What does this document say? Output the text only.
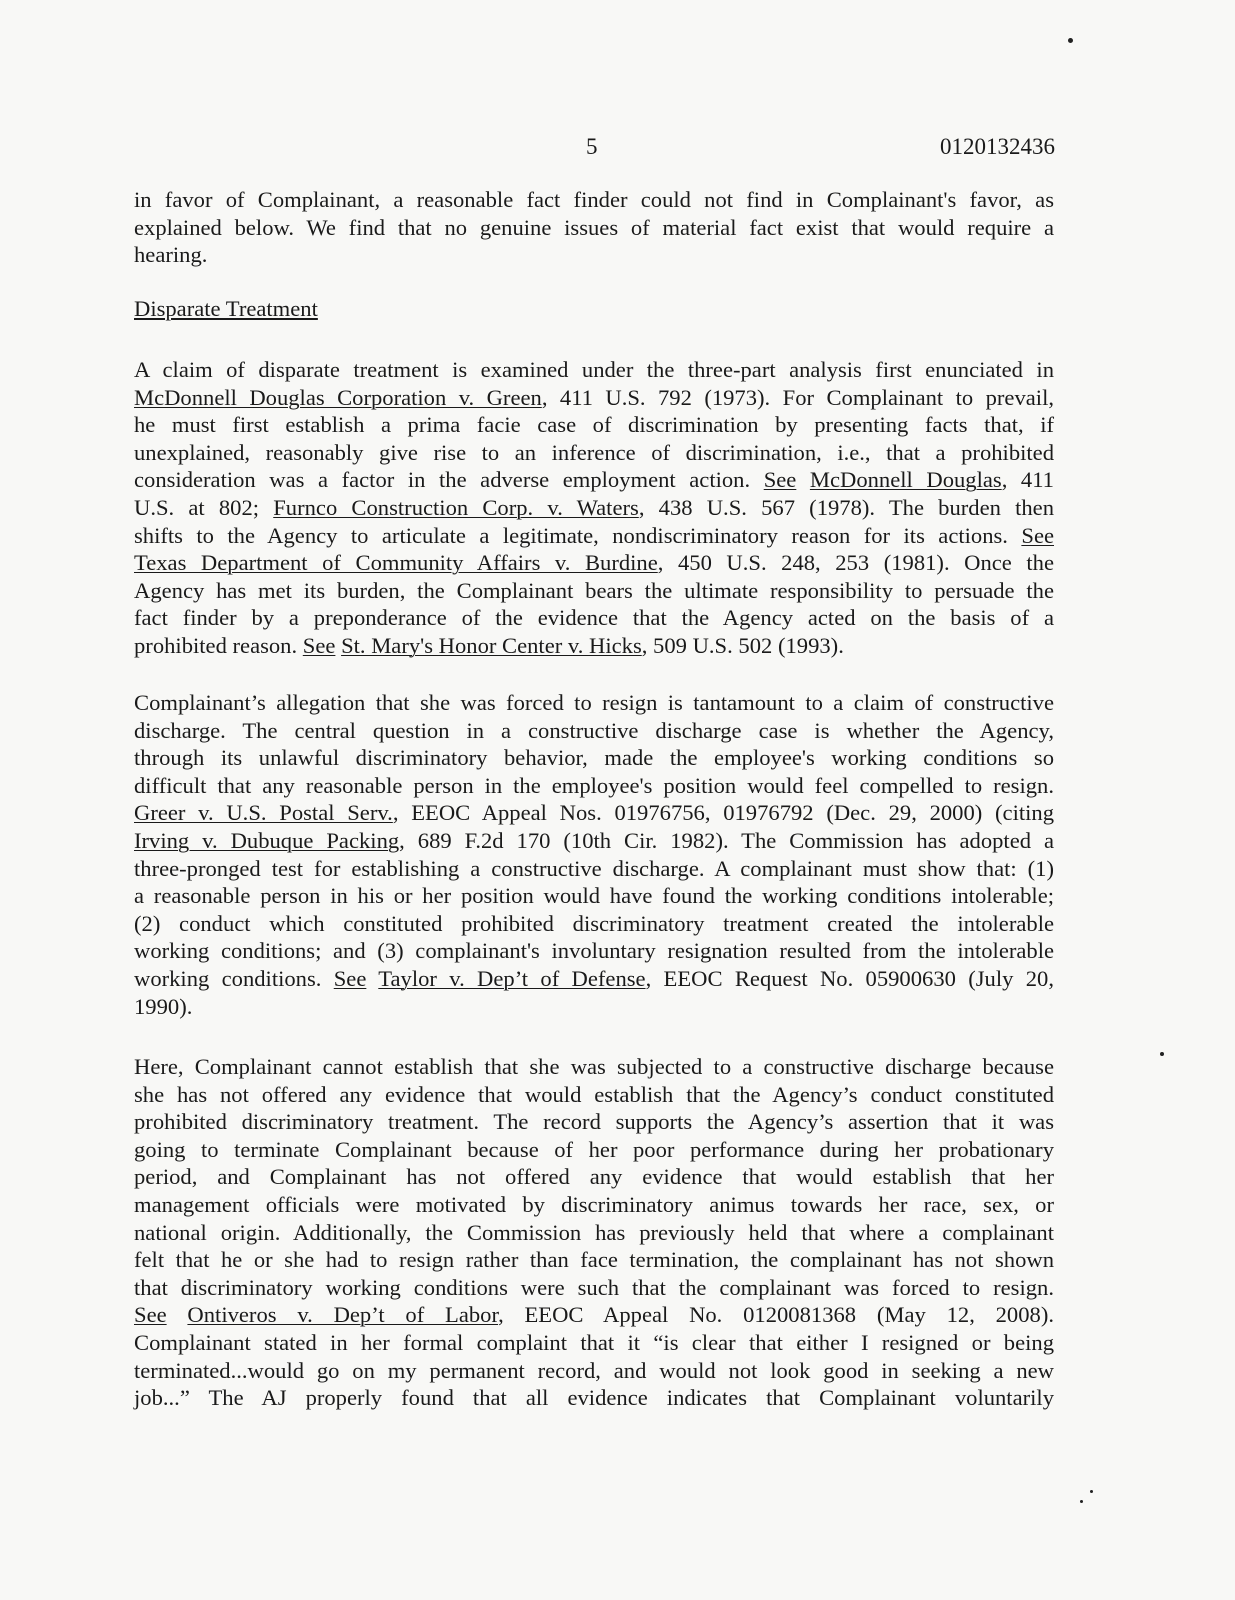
5	0120132436
Disparate Treatment
in favor of Complainant, a reasonable fact finder could not find in Complainant's favor, as
explained below. We find that no genuine issues of material fact exist that would require a
hearing.
A claim of disparate treatment is examined under the three-part analysis first enunciated in
McDonnell Douglas Corporation v. Green, 411 U.S. 792 (1973). For Complainant to prevail,
he must first establish a prima facie case of discrimination by presenting facts that, if
unexplained, reasonably give rise to an inference of discrimination, i.e., that a prohibited
consideration was a factor in the adverse employment action. See McDonnell Douglas, 411
U.S. at 802; Furnco Construction Corp. v. Waters, 438 U.S. 567 (1978). The burden then
shifts to the Agency to articulate a legitimate, nondiscriminatory reason for its actions. See
Texas Department of Community Affairs v. Burdine, 450 U.S. 248, 253 (1981). Once the
Agency has met its burden, the Complainant bears the ultimate responsibility to persuade the
fact finder by a preponderance of the evidence that the Agency acted on the basis of a
prohibited reason. See St. Mary's Honor Center v. Hicks, 509 U.S. 502 (1993).
Complainant’s allegation that she was forced to resign is tantamount to a claim of constructive
discharge. The central question in a constructive discharge case is whether the Agency,
through its unlawful discriminatory behavior, made the employee's working conditions so
difficult that any reasonable person in the employee's position would feel compelled to resign.
Greer v. U.S. Postal Serv., EEOC Appeal Nos. 01976756, 01976792 (Dec. 29, 2000) (citing
Irving v. Dubuque Packing, 689 F.2d 170 (10th Cir. 1982). The Commission has adopted a
three-pronged test for establishing a constructive discharge. A complainant must show that: (1)
a reasonable person in his or her position would have found the working conditions intolerable;
(2) conduct which constituted prohibited discriminatory treatment created the intolerable
working conditions; and (3) complainant's involuntary resignation resulted from the intolerable
working conditions. See Taylor v. Dep’t of Defense, EEOC Request No. 05900630 (July 20,
1990).
Here, Complainant cannot establish that she was subjected to a constructive discharge because
she has not offered any evidence that would establish that the Agency’s conduct constituted
prohibited discriminatory treatment. The record supports the Agency’s assertion that it was
going to terminate Complainant because of her poor performance during her probationary
period, and Complainant has not offered any evidence that would establish that her
management officials were motivated by discriminatory animus towards her race, sex, or
national origin. Additionally, the Commission has previously held that where a complainant
felt that he or she had to resign rather than face termination, the complainant has not shown
that discriminatory working conditions were such that the complainant was forced to resign.
See Ontiveros v. Dep’t of Labor, EEOC Appeal No. 0120081368 (May 12, 2008).
Complainant stated in her formal complaint that it “is clear that either I resigned or being
terminated...would go on my permanent record, and would not look good in seeking a new
job...” The AJ properly found that all evidence indicates that Complainant voluntarily
